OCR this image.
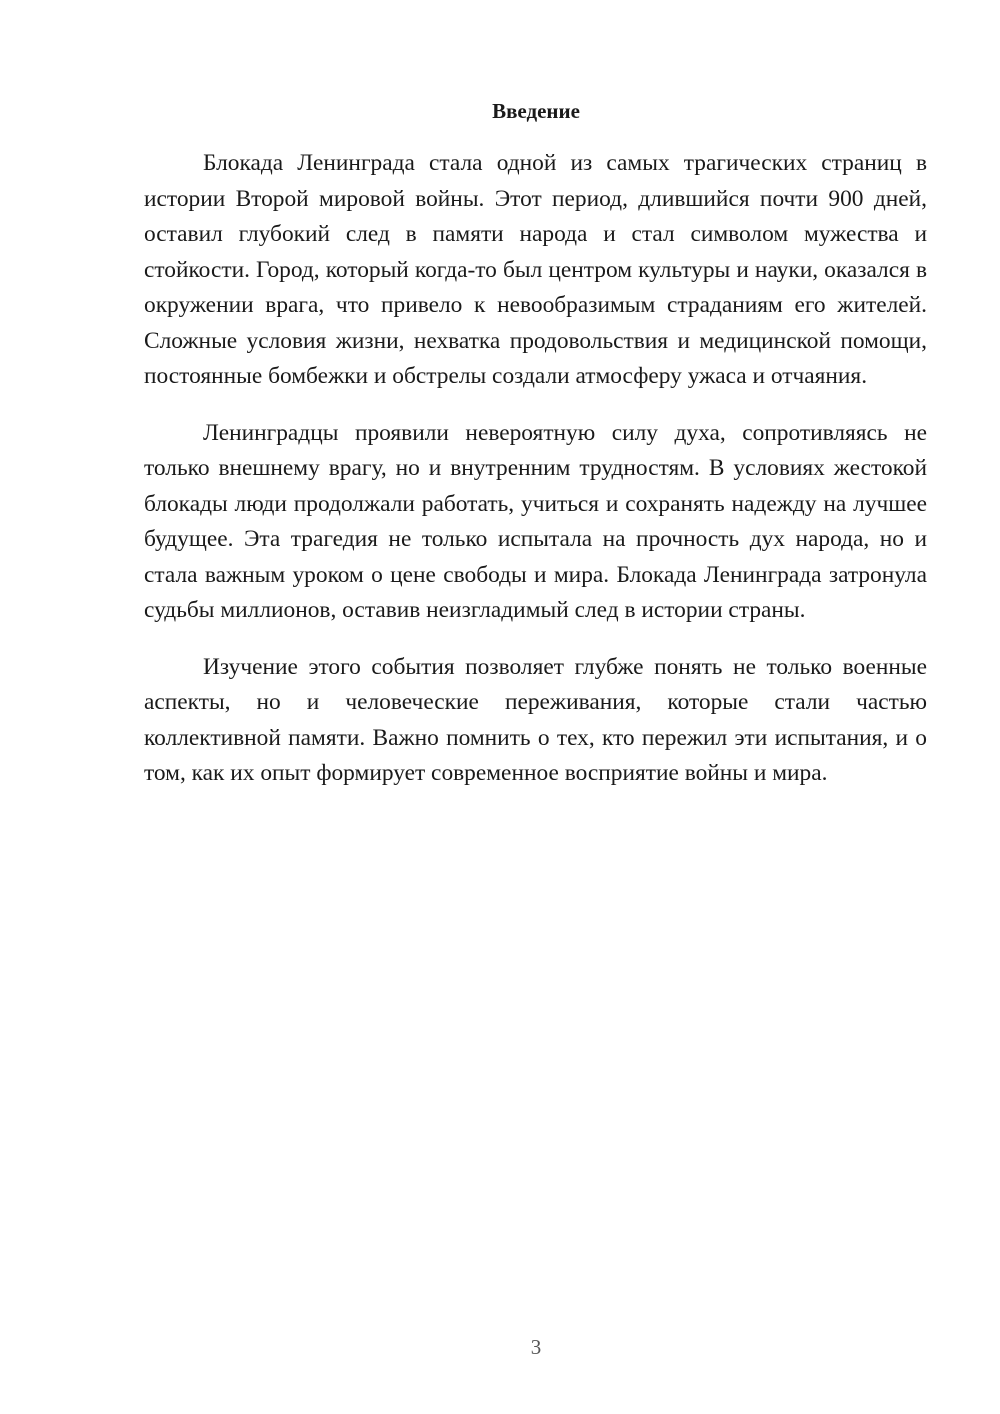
Введение

Блокада Ленинграда стала одной из самых трагических страниц в истории Второй мировой войны. Этот период, длившийся почти 900 дней, оставил глубокий след в памяти народа и стал символом мужества и стойкости. Город, который когда-то был центром культуры и науки, оказался в окружении врага, что привело к невообразимым страданиям его жителей. Сложные условия жизни, нехватка продовольствия и медицинской помощи, постоянные бомбежки и обстрелы создали атмосферу ужаса и отчаяния.

Ленинградцы проявили невероятную силу духа, сопротивляясь не только внешнему врагу, но и внутренним трудностям. В условиях жестокой блокады люди продолжали работать, учиться и сохранять надежду на лучшее будущее. Эта трагедия не только испытала на прочность дух народа, но и стала важным уроком о цене свободы и мира. Блокада Ленинграда затронула судьбы миллионов, оставив неизгладимый след в истории страны.

Изучение этого события позволяет глубже понять не только военные аспекты, но и человеческие переживания, которые стали частью коллективной памяти. Важно помнить о тех, кто пережил эти испытания, и о том, как их опыт формирует современное восприятие войны и мира.

3
